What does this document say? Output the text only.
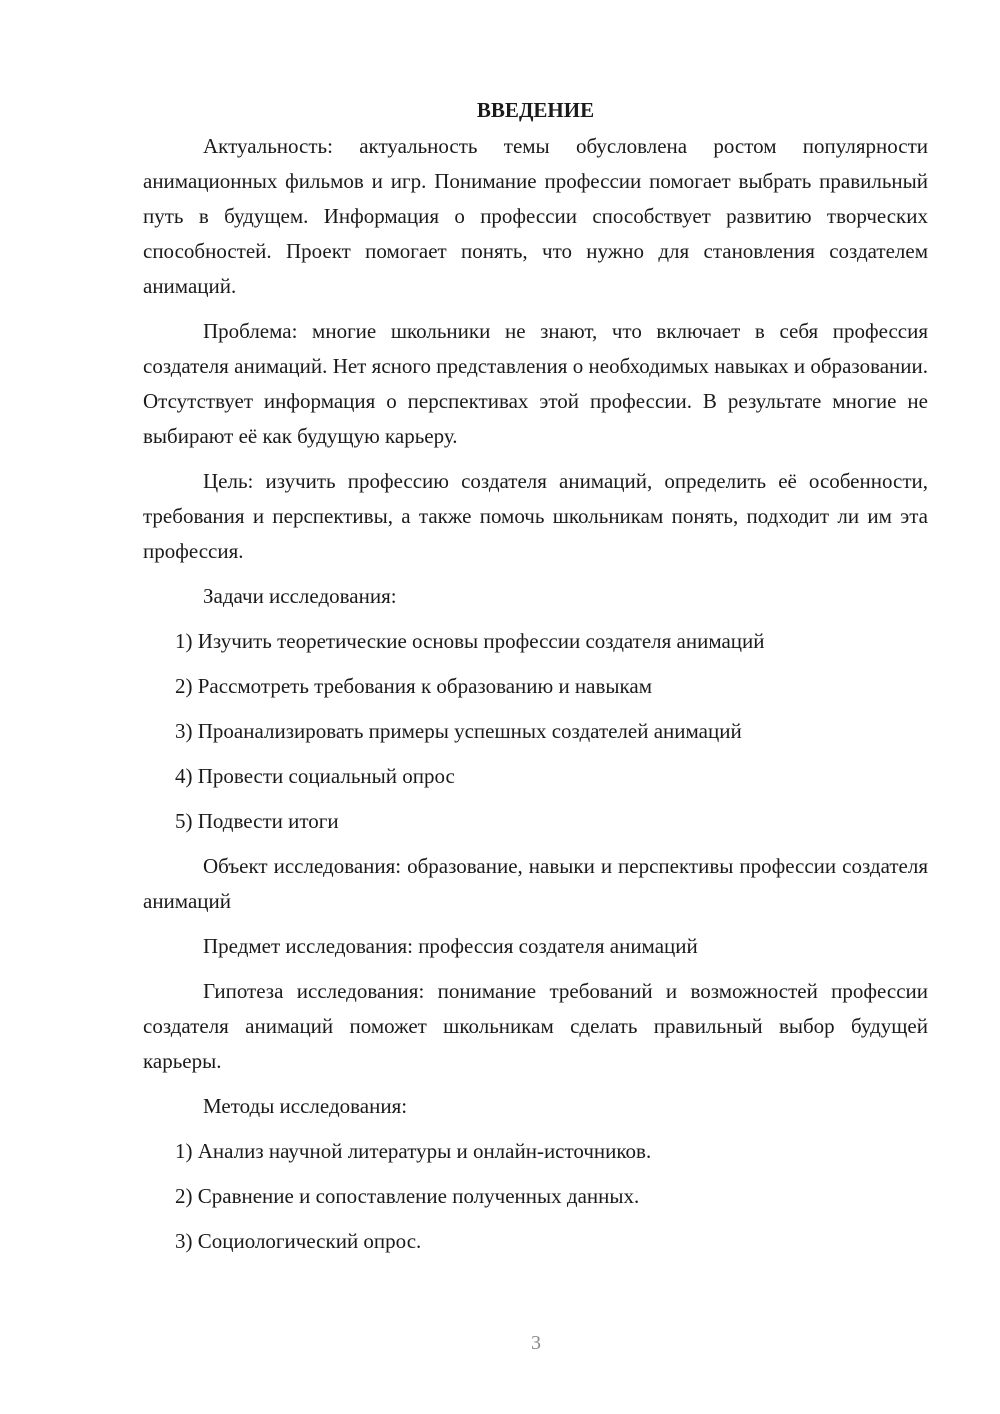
ВВЕДЕНИЕ

Актуальность: актуальность темы обусловлена ростом популярности анимационных фильмов и игр. Понимание профессии помогает выбрать правильный путь в будущем. Информация о профессии способствует развитию творческих способностей. Проект помогает понять, что нужно для становления создателем анимаций.

Проблема: многие школьники не знают, что включает в себя профессия создателя анимаций. Нет ясного представления о необходимых навыках и образовании. Отсутствует информация о перспективах этой профессии. В результате многие не выбирают её как будущую карьеру.

Цель: изучить профессию создателя анимаций, определить её особенности, требования и перспективы, а также помочь школьникам понять, подходит ли им эта профессия.

Задачи исследования:

1) Изучить теоретические основы профессии создателя анимаций
2) Рассмотреть требования к образованию и навыкам
3) Проанализировать примеры успешных создателей анимаций
4) Провести социальный опрос
5) Подвести итоги

Объект исследования: образование, навыки и перспективы профессии создателя анимаций

Предмет исследования: профессия создателя анимаций

Гипотеза исследования: понимание требований и возможностей профессии создателя анимаций поможет школьникам сделать правильный выбор будущей карьеры.

Методы исследования:

1) Анализ научной литературы и онлайн-источников.
2) Сравнение и сопоставление полученных данных.
3) Социологический опрос.
3
